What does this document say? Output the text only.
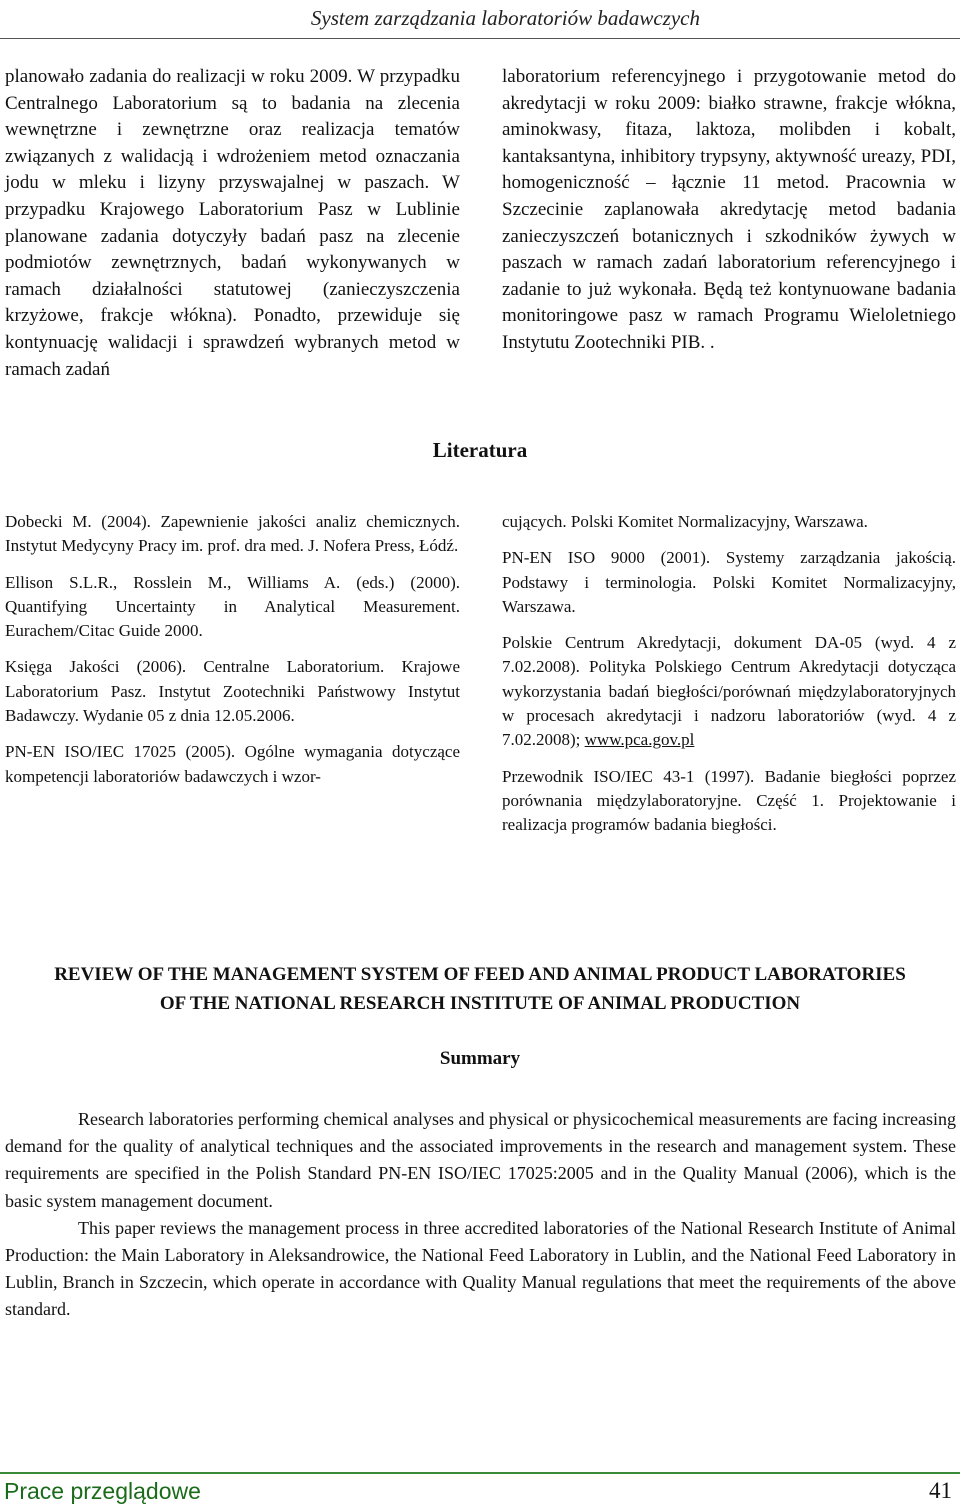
System zarządzania laboratoriów badawczych

planowało zadania do realizacji w roku 2009. W przypadku Centralnego Laboratorium są to badania na zlecenia wewnętrzne i zewnętrzne oraz realizacja tematów związanych z walidacją i wdrożeniem metod oznaczania jodu w mleku i lizyny przyswajalnej w paszach. W przypadku Krajowego Laboratorium Pasz w Lublinie planowane zadania dotyczyły badań pasz na zlecenie podmiotów zewnętrznych, badań wykonywanych w ramach działalności statutowej (zanieczyszczenia krzyżowe, frakcje włókna). Ponadto, przewiduje się kontynuację walidacji i sprawdzeń wybranych metod w ramach zadań

laboratorium referencyjnego i przygotowanie metod do akredytacji w roku 2009: białko strawne, frakcje włókna, aminokwasy, fitaza, laktoza, molibden i kobalt, kantaksantyna, inhibitory trypsyny, aktywność ureazy, PDI, homogeniczność – łącznie 11 metod. Pracownia w Szczecinie zaplanowała akredytację metod badania zanieczyszczeń botanicznych i szkodników żywych w paszach w ramach zadań laboratorium referencyjnego i zadanie to już wykonała. Będą też kontynuowane badania monitoringowe pasz w ramach Programu Wieloletniego Instytutu Zootechniki PIB. .

Literatura

Dobecki M. (2004). Zapewnienie jakości analiz chemicznych. Instytut Medycyny Pracy im. prof. dra med. J. Nofera Press, Łódź.

Ellison S.L.R., Rosslein M., Williams A. (eds.) (2000). Quantifying Uncertainty in Analytical Measurement. Eurachem/Citac Guide 2000.

Księga Jakości (2006). Centralne Laboratorium. Krajowe Laboratorium Pasz. Instytut Zootechniki Państwowy Instytut Badawczy. Wydanie 05 z dnia 12.05.2006.

PN-EN ISO/IEC 17025 (2005). Ogólne wymagania dotyczące kompetencji laboratoriów badawczych i wzor-

cujących. Polski Komitet Normalizacyjny, Warszawa.

PN-EN ISO 9000 (2001). Systemy zarządzania jakością. Podstawy i terminologia. Polski Komitet Normalizacyjny, Warszawa.

Polskie Centrum Akredytacji, dokument DA-05 (wyd. 4 z 7.02.2008). Polityka Polskiego Centrum Akredytacji dotycząca wykorzystania badań biegłości/porównań międzylaboratoryjnych w procesach akredytacji i nadzoru laboratoriów (wyd. 4 z 7.02.2008); www.pca.gov.pl

Przewodnik ISO/IEC 43-1 (1997). Badanie biegłości poprzez porównania międzylaboratoryjne. Część 1. Projektowanie i realizacja programów badania biegłości.

REVIEW OF THE MANAGEMENT SYSTEM OF FEED AND ANIMAL PRODUCT LABORATORIES
OF THE NATIONAL RESEARCH INSTITUTE OF ANIMAL PRODUCTION
Summary

Research laboratories performing chemical analyses and physical or physicochemical measurements are facing increasing demand for the quality of analytical techniques and the associated improvements in the research and management system. These requirements are specified in the Polish Standard PN-EN ISO/IEC 17025:2005 and in the Quality Manual (2006), which is the basic system management document.

This paper reviews the management process in three accredited laboratories of the National Research Institute of Animal Production: the Main Laboratory in Aleksandrowice, the National Feed Laboratory in Lublin, and the National Feed Laboratory in Lublin, Branch in Szczecin, which operate in accordance with Quality Manual regulations that meet the requirements of the above standard.

Prace przeglądowe	41
